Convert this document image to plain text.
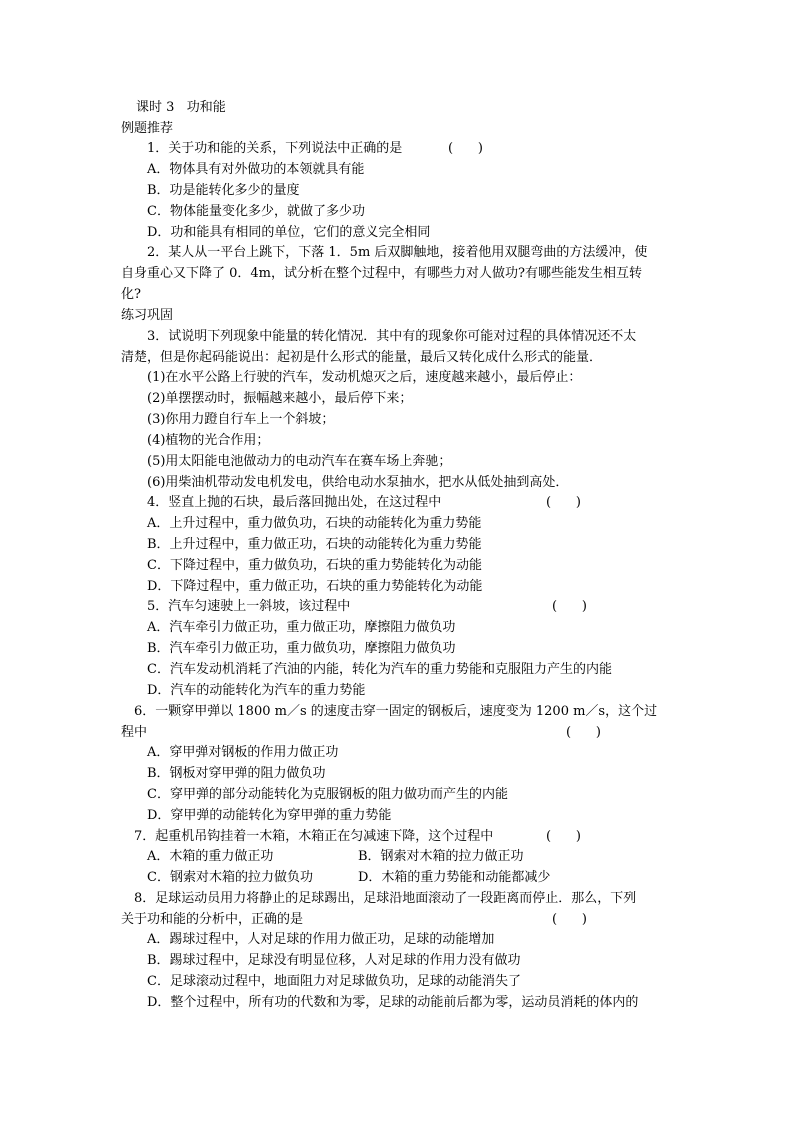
课时 3   功和能
例题推荐
1．关于功和能的关系，下列说法中正确的是	(      )
A．物体具有对外做功的本领就具有能
B．功是能转化多少的量度
C．物体能量变化多少，就做了多少功
D．功和能具有相同的单位，它们的意义完全相同
2．某人从一平台上跳下，下落 1．5m 后双脚触地，接着他用双腿弯曲的方法缓冲，使
自身重心又下降了 0．4m，试分析在整个过程中，有哪些力对人做功?有哪些能发生相互转
化?
练习巩固
3．试说明下列现象中能量的转化情况．其中有的现象你可能对过程的具体情况还不太
清楚，但是你起码能说出：起初是什么形式的能量，最后又转化成什么形式的能量．
(1)在水平公路上行驶的汽车，发动机熄灭之后，速度越来越小，最后停止：
(2)单摆摆动时，振幅越来越小，最后停下来；
(3)你用力蹬自行车上一个斜坡；
(4)植物的光合作用；
(5)用太阳能电池做动力的电动汽车在赛车场上奔驰；
(6)用柴油机带动发电机发电，供给电动水泵抽水，把水从低处抽到高处．
4．竖直上抛的石块，最后落回抛出处，在这过程中	(      )
A．上升过程中，重力做负功，石块的动能转化为重力势能
B．上升过程中，重力做正功，石块的动能转化为重力势能
C．下降过程中，重力做负功，石块的重力势能转化为动能
D．下降过程中，重力做正功，石块的重力势能转化为动能
5．汽车匀速驶上一斜坡，该过程中	(      )
A．汽车牵引力做正功，重力做正功，摩擦阻力做负功
B．汽车牵引力做正功，重力做负功，摩擦阻力做负功
C．汽车发动机消耗了汽油的内能，转化为汽车的重力势能和克服阻力产生的内能
D．汽车的动能转化为汽车的重力势能
6．一颗穿甲弹以 1800 m／s 的速度击穿一固定的钢板后，速度变为 1200 m／s，这个过
程中	(      )
A．穿甲弹对钢板的作用力做正功
B．钢板对穿甲弹的阻力做负功
C．穿甲弹的部分动能转化为克服钢板的阻力做功而产生的内能
D．穿甲弹的动能转化为穿甲弹的重力势能
7．起重机吊钩挂着一木箱，木箱正在匀减速下降，这个过程中	(      )
A．木箱的重力做正功	B．钢索对木箱的拉力做正功
C．钢索对木箱的拉力做负功	D．木箱的重力势能和动能都减少
8．足球运动员用力将静止的足球踢出，足球沿地面滚动了一段距离而停止．那么，下列
关于功和能的分析中，正确的是	(      )
A．踢球过程中，人对足球的作用力做正功，足球的动能增加
B．踢球过程中，足球没有明显位移，人对足球的作用力没有做功
C．足球滚动过程中，地面阻力对足球做负功，足球的动能消失了
D．整个过程中，所有功的代数和为零，足球的动能前后都为零，运动员消耗的体内的
